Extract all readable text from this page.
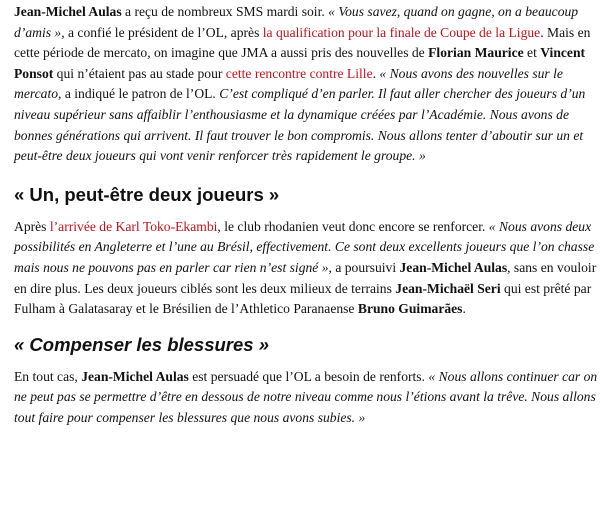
Jean-Michel Aulas a reçu de nombreux SMS mardi soir. « Vous savez, quand on gagne, on a beaucoup d’amis », a confié le président de l’OL, après la qualification pour la finale de Coupe de la Ligue. Mais en cette période de mercato, on imagine que JMA a aussi pris des nouvelles de Florian Maurice et Vincent Ponsot qui n’étaient pas au stade pour cette rencontre contre Lille. « Nous avons des nouvelles sur le mercato, a indiqué le patron de l’OL. C’est compliqué d’en parler. Il faut aller chercher des joueurs d’un niveau supérieur sans affaiblir l’enthousiasme et la dynamique créées par l’Académie. Nous avons de bonnes générations qui arrivent. Il faut trouver le bon compromis. Nous allons tenter d’aboutir sur un et peut-être deux joueurs qui vont venir renforcer très rapidement le groupe. »

« Un, peut-être deux joueurs »

Après l’arrivée de Karl Toko-Ekambi, le club rhodanien veut donc encore se renforcer. « Nous avons deux possibilités en Angleterre et l’une au Brésil, effectivement. Ce sont deux excellents joueurs que l’on chasse mais nous ne pouvons pas en parler car rien n’est signé », a poursuivi Jean-Michel Aulas, sans en vouloir en dire plus. Les deux joueurs ciblés sont les deux milieux de terrains Jean-Michaël Seri qui est prêté par Fulham à Galatasaray et le Brésilien de l’Athletico Paranaense Bruno Guimarães.

« Compenser les blessures »

En tout cas, Jean-Michel Aulas est persuadé que l’OL a besoin de renforts. « Nous allons continuer car on ne peut pas se permettre d’être en dessous de notre niveau comme nous l’étions avant la trêve. Nous allons tout faire pour compenser les blessures que nous avons subies. »
